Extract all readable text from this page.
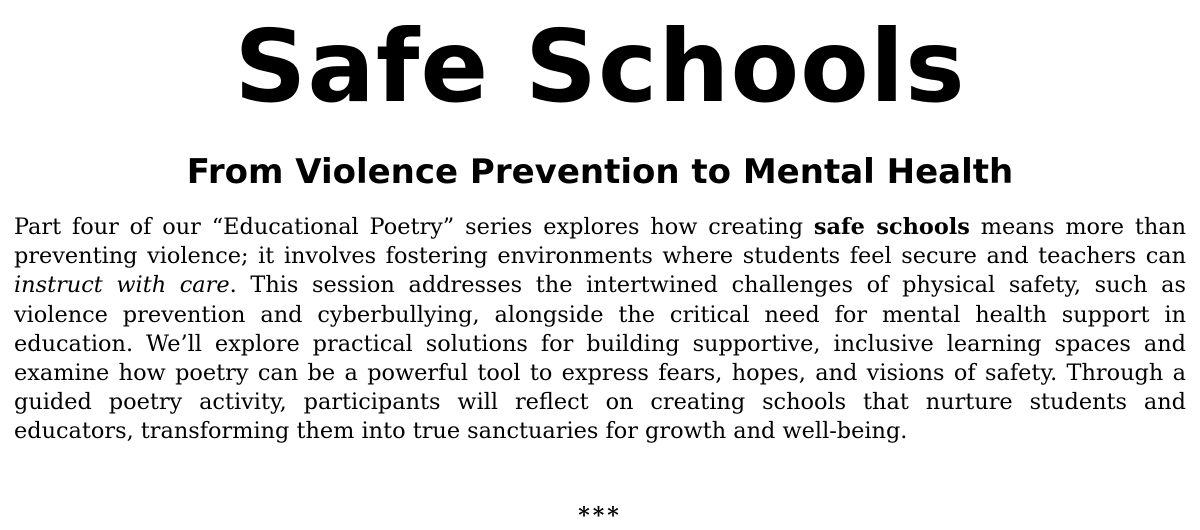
Safe Schools
From Violence Prevention to Mental Health

Part four of our “Educational Poetry” series explores how creating safe schools means more than preventing violence; it involves fostering environments where students feel secure and teachers can instruct with care. This session addresses the intertwined challenges of physical safety, such as violence prevention and cyberbullying, alongside the critical need for mental health support in education. We’ll explore practical solutions for building supportive, inclusive learning spaces and examine how poetry can be a powerful tool to express fears, hopes, and visions of safety. Through a guided poetry activity, participants will reflect on creating schools that nurture students and educators, transforming them into true sanctuaries for growth and well-being.

***
